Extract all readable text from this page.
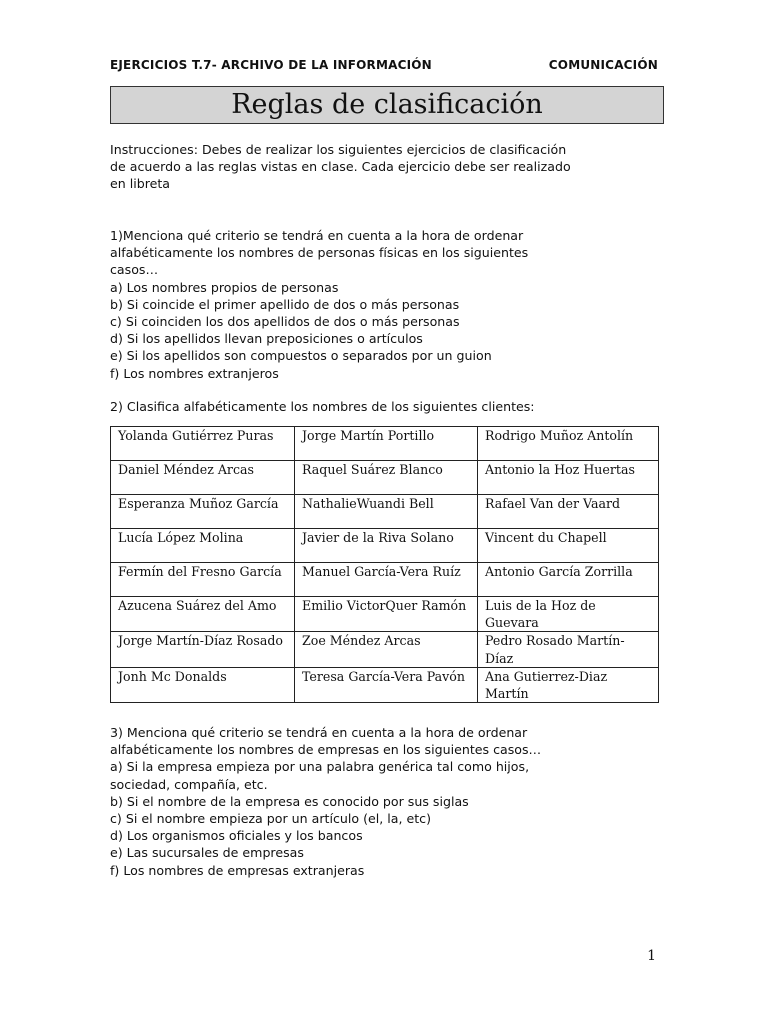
EJERCICIOS T.7- ARCHIVO DE LA INFORMACIÓN	COMUNICACIÓN
Reglas de clasificación

Instrucciones: Debes de realizar los siguientes ejercicios de clasificación

de acuerdo a las reglas vistas en clase. Cada ejercicio debe ser realizado

en libreta

1)Menciona qué criterio se tendrá en cuenta a la hora de ordenar

alfabéticamente los nombres de personas físicas en los siguientes

casos…

a) Los nombres propios de personas

b) Si coincide el primer apellido de dos o más personas

c) Si coinciden los dos apellidos de dos o más personas

d) Si los apellidos llevan preposiciones o artículos

e) Si los apellidos son compuestos o separados por un guion

f) Los nombres extranjeros

2) Clasifica alfabéticamente los nombres de los siguientes clientes:

Yolanda Gutiérrez Puras	Jorge Martín Portillo	Rodrigo Muñoz Antolín
Daniel Méndez Arcas	Raquel Suárez Blanco	Antonio la Hoz Huertas
Esperanza Muñoz García	NathalieWuandi Bell	Rafael Van der Vaard
Lucía López Molina	Javier de la Riva Solano	Vincent du Chapell
Fermín del Fresno García	Manuel García-Vera Ruíz	Antonio García Zorrilla
Azucena Suárez del Amo	Emilio VictorQuer Ramón	Luis de la Hoz de Guevara
Jorge Martín-Díaz Rosado	Zoe Méndez Arcas	Pedro Rosado Martín-Díaz
Jonh Mc Donalds	Teresa García-Vera Pavón	Ana Gutierrez-Diaz Martín

3) Menciona qué criterio se tendrá en cuenta a la hora de ordenar

alfabéticamente los nombres de empresas en los siguientes casos…

a) Si la empresa empieza por una palabra genérica tal como hijos,

sociedad, compañía, etc.

b) Si el nombre de la empresa es conocido por sus siglas

c) Si el nombre empieza por un artículo (el, la, etc)

d) Los organismos oficiales y los bancos

e) Las sucursales de empresas

f) Los nombres de empresas extranjeras

1
